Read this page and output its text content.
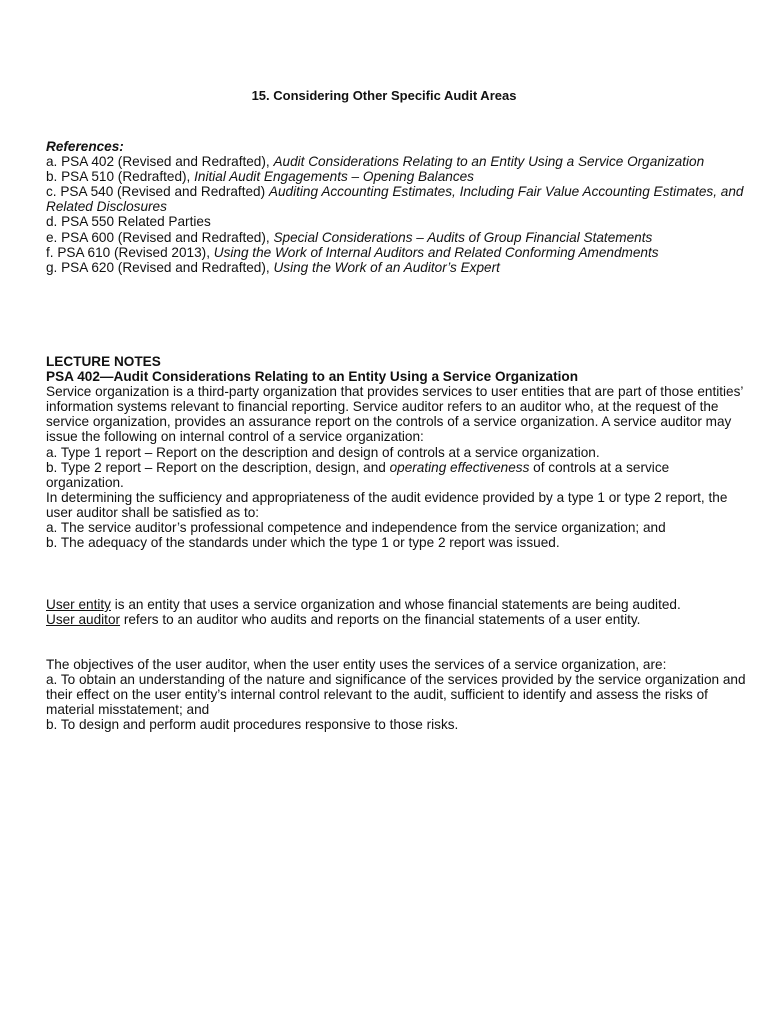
15. Considering Other Specific Audit Areas

References:

a. PSA 402 (Revised and Redrafted), Audit Considerations Relating to an Entity Using a Service Organization

b. PSA 510 (Redrafted), Initial Audit Engagements – Opening Balances

c. PSA 540 (Revised and Redrafted) Auditing Accounting Estimates, Including Fair Value Accounting Estimates, and

Related Disclosures

d. PSA 550 Related Parties

e. PSA 600 (Revised and Redrafted), Special Considerations – Audits of Group Financial Statements

f. PSA 610 (Revised 2013), Using the Work of Internal Auditors and Related Conforming Amendments

g. PSA 620 (Revised and Redrafted), Using the Work of an Auditor’s Expert

LECTURE NOTES

PSA 402—Audit Considerations Relating to an Entity Using a Service Organization

Service organization is a third-party organization that provides services to user entities that are part of those entities’ information systems relevant to financial reporting. Service auditor refers to an auditor who, at the request of the service organization, provides an assurance report on the controls of a service organization. A service auditor may issue the following on internal control of a service organization:

a. Type 1 report – Report on the description and design of controls at a service organization.

b. Type 2 report – Report on the description, design, and operating effectiveness of controls at a service organization.

In determining the sufficiency and appropriateness of the audit evidence provided by a type 1 or type 2 report, the user auditor shall be satisfied as to:

a. The service auditor’s professional competence and independence from the service organization; and

b. The adequacy of the standards under which the type 1 or type 2 report was issued.

User entity is an entity that uses a service organization and whose financial statements are being audited.

User auditor refers to an auditor who audits and reports on the financial statements of a user entity.

The objectives of the user auditor, when the user entity uses the services of a service organization, are:

a. To obtain an understanding of the nature and significance of the services provided by the service organization and their effect on the user entity’s internal control relevant to the audit, sufficient to identify and assess the risks of material misstatement; and

b. To design and perform audit procedures responsive to those risks.
